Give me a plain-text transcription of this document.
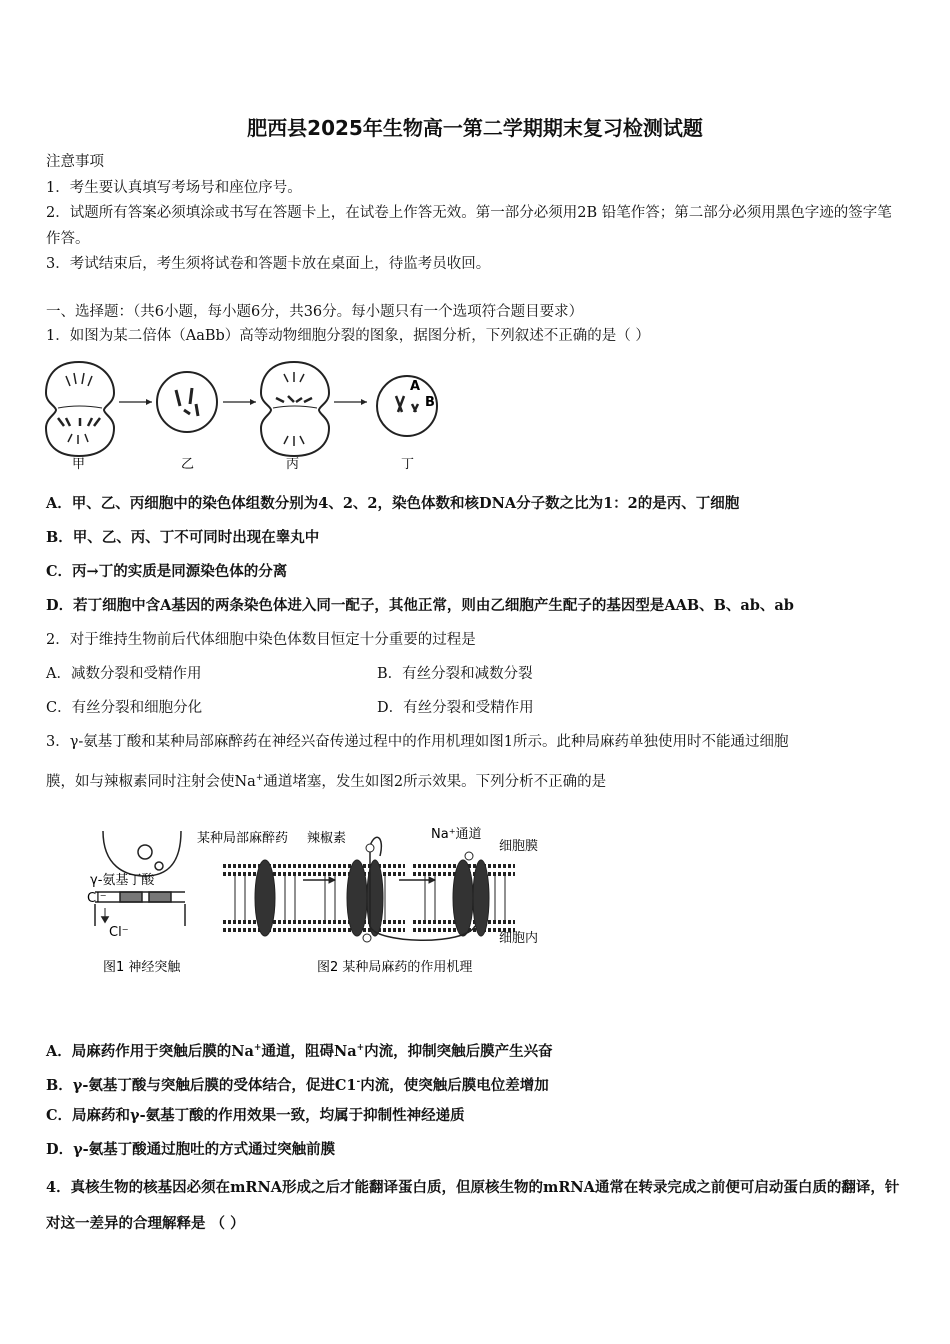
肥西县2025年生物高一第二学期期末复习检测试题
注意事项
1．考生要认真填写考场号和座位序号。
2．试题所有答案必须填涂或书写在答题卡上，在试卷上作答无效。第一部分必须用2B 铅笔作答；第二部分必须用黑色字迹的签字笔作答。
3．考试结束后，考生须将试卷和答题卡放在桌面上，待监考员收回。
一、选择题：（共6小题，每小题6分，共36分。每小题只有一个选项符合题目要求）
1．如图为某二倍体（AaBb）高等动物细胞分裂的图象，据图分析，下列叙述不正确的是（ ）
A
B
甲	乙	丙	丁
A．甲、乙、丙细胞中的染色体组数分别为4、2、2，染色体数和核DNA分子数之比为1：2的是丙、丁细胞
B．甲、乙、丙、丁不可同时出现在睾丸中
C．丙→丁的实质是同源染色体的分离
D．若丁细胞中含A基因的两条染色体进入同一配子，其他正常，则由乙细胞产生配子的基因型是AAB、B、ab、ab
2．对于维持生物前后代体细胞中染色体数目恒定十分重要的过程是
A．减数分裂和受精作用	B．有丝分裂和减数分裂
C．有丝分裂和细胞分化	D．有丝分裂和受精作用
3．γ-氨基丁酸和某种局部麻醉药在神经兴奋传递过程中的作用机理如图1所示。此种局麻药单独使用时不能通过细胞
膜，如与辣椒素同时注射会使Na+通道堵塞，发生如图2所示效果。下列分析不正确的是
γ-氨基丁酸
Cl⁻
Cl⁻
图1 神经突触
某种局部麻醉药 辣椒素	Na⁺通道
细胞膜
细胞内
图2 某种局麻药的作用机理
A．局麻药作用于突触后膜的Na+通道，阻碍Na+内流，抑制突触后膜产生兴奋
B．γ-氨基丁酸与突触后膜的受体结合，促进C1-内流，使突触后膜电位差增加
C．局麻药和γ-氨基丁酸的作用效果一致，均属于抑制性神经递质
D．γ-氨基丁酸通过胞吐的方式通过突触前膜
4．真核生物的核基因必须在mRNA形成之后才能翻译蛋白质，但原核生物的mRNA通常在转录完成之前便可启动蛋白质的翻译，针对这一差异的合理解释是 （ ）
